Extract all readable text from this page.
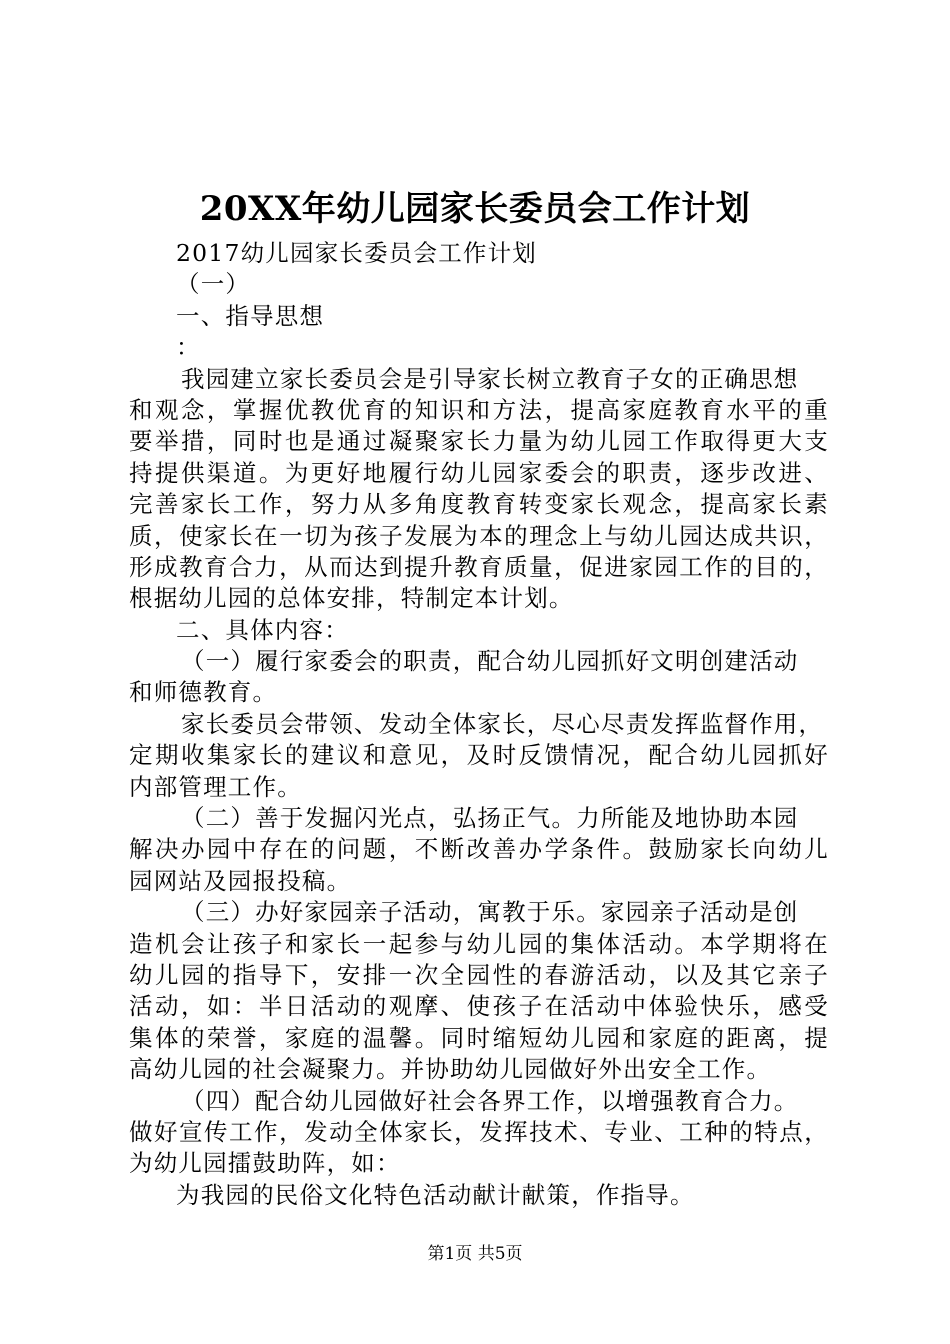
20XX年幼儿园家长委员会工作计划
2017幼儿园家长委员会工作计划
（一）
一、指导思想
：
我园建立家长委员会是引导家长树立教育子女的正确思想
和观念，掌握优教优育的知识和方法，提高家庭教育水平的重
要举措，同时也是通过凝聚家长力量为幼儿园工作取得更大支
持提供渠道。为更好地履行幼儿园家委会的职责，逐步改进、
完善家长工作，努力从多角度教育转变家长观念，提高家长素
质，使家长在一切为孩子发展为本的理念上与幼儿园达成共识，
形成教育合力，从而达到提升教育质量，促进家园工作的目的，
根据幼儿园的总体安排，特制定本计划。
二、具体内容：
（一）履行家委会的职责，配合幼儿园抓好文明创建活动
和师德教育。
家长委员会带领、发动全体家长，尽心尽责发挥监督作用，
定期收集家长的建议和意见，及时反馈情况，配合幼儿园抓好
内部管理工作。
（二）善于发掘闪光点，弘扬正气。力所能及地协助本园
解决办园中存在的问题，不断改善办学条件。鼓励家长向幼儿
园网站及园报投稿。
（三）办好家园亲子活动，寓教于乐。家园亲子活动是创
造机会让孩子和家长一起参与幼儿园的集体活动。本学期将在
幼儿园的指导下，安排一次全园性的春游活动，以及其它亲子
活动，如：半日活动的观摩、使孩子在活动中体验快乐，感受
集体的荣誉，家庭的温馨。同时缩短幼儿园和家庭的距离，提
高幼儿园的社会凝聚力。并协助幼儿园做好外出安全工作。
（四）配合幼儿园做好社会各界工作，以增强教育合力。
做好宣传工作，发动全体家长，发挥技术、专业、工种的特点，
为幼儿园擂鼓助阵，如：
为我园的民俗文化特色活动献计献策，作指导。
第1页 共5页
